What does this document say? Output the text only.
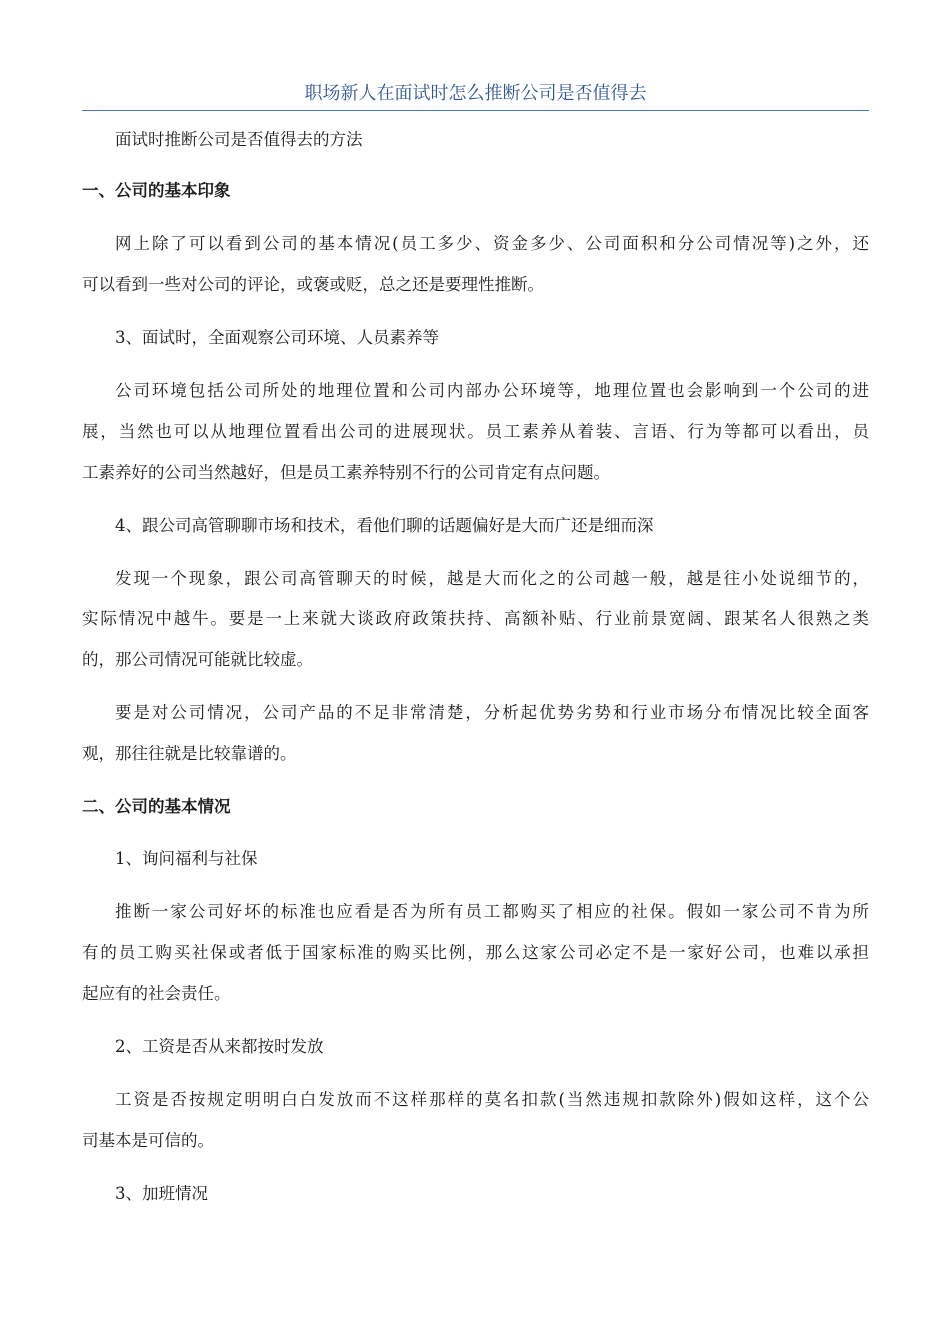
职场新人在面试时怎么推断公司是否值得去
面试时推断公司是否值得去的方法
一、公司的基本印象
网上除了可以看到公司的基本情况(员工多少、资金多少、公司面积和分公司情况等)之外，还
可以看到一些对公司的评论，或褒或贬，总之还是要理性推断。
3、面试时，全面观察公司环境、人员素养等
公司环境包括公司所处的地理位置和公司内部办公环境等，地理位置也会影响到一个公司的进
展，当然也可以从地理位置看出公司的进展现状。员工素养从着装、言语、行为等都可以看出，员
工素养好的公司当然越好，但是员工素养特别不行的公司肯定有点问题。
4、跟公司高管聊聊市场和技术，看他们聊的话题偏好是大而广还是细而深
发现一个现象，跟公司高管聊天的时候，越是大而化之的公司越一般，越是往小处说细节的，
实际情况中越牛。要是一上来就大谈政府政策扶持、高额补贴、行业前景宽阔、跟某名人很熟之类
的，那公司情况可能就比较虚。
要是对公司情况，公司产品的不足非常清楚，分析起优势劣势和行业市场分布情况比较全面客
观，那往往就是比较靠谱的。
二、公司的基本情况
1、询问福利与社保
推断一家公司好坏的标准也应看是否为所有员工都购买了相应的社保。假如一家公司不肯为所
有的员工购买社保或者低于国家标准的购买比例，那么这家公司必定不是一家好公司，也难以承担
起应有的社会责任。
2、工资是否从来都按时发放
工资是否按规定明明白白发放而不这样那样的莫名扣款(当然违规扣款除外)假如这样，这个公
司基本是可信的。
3、加班情况
